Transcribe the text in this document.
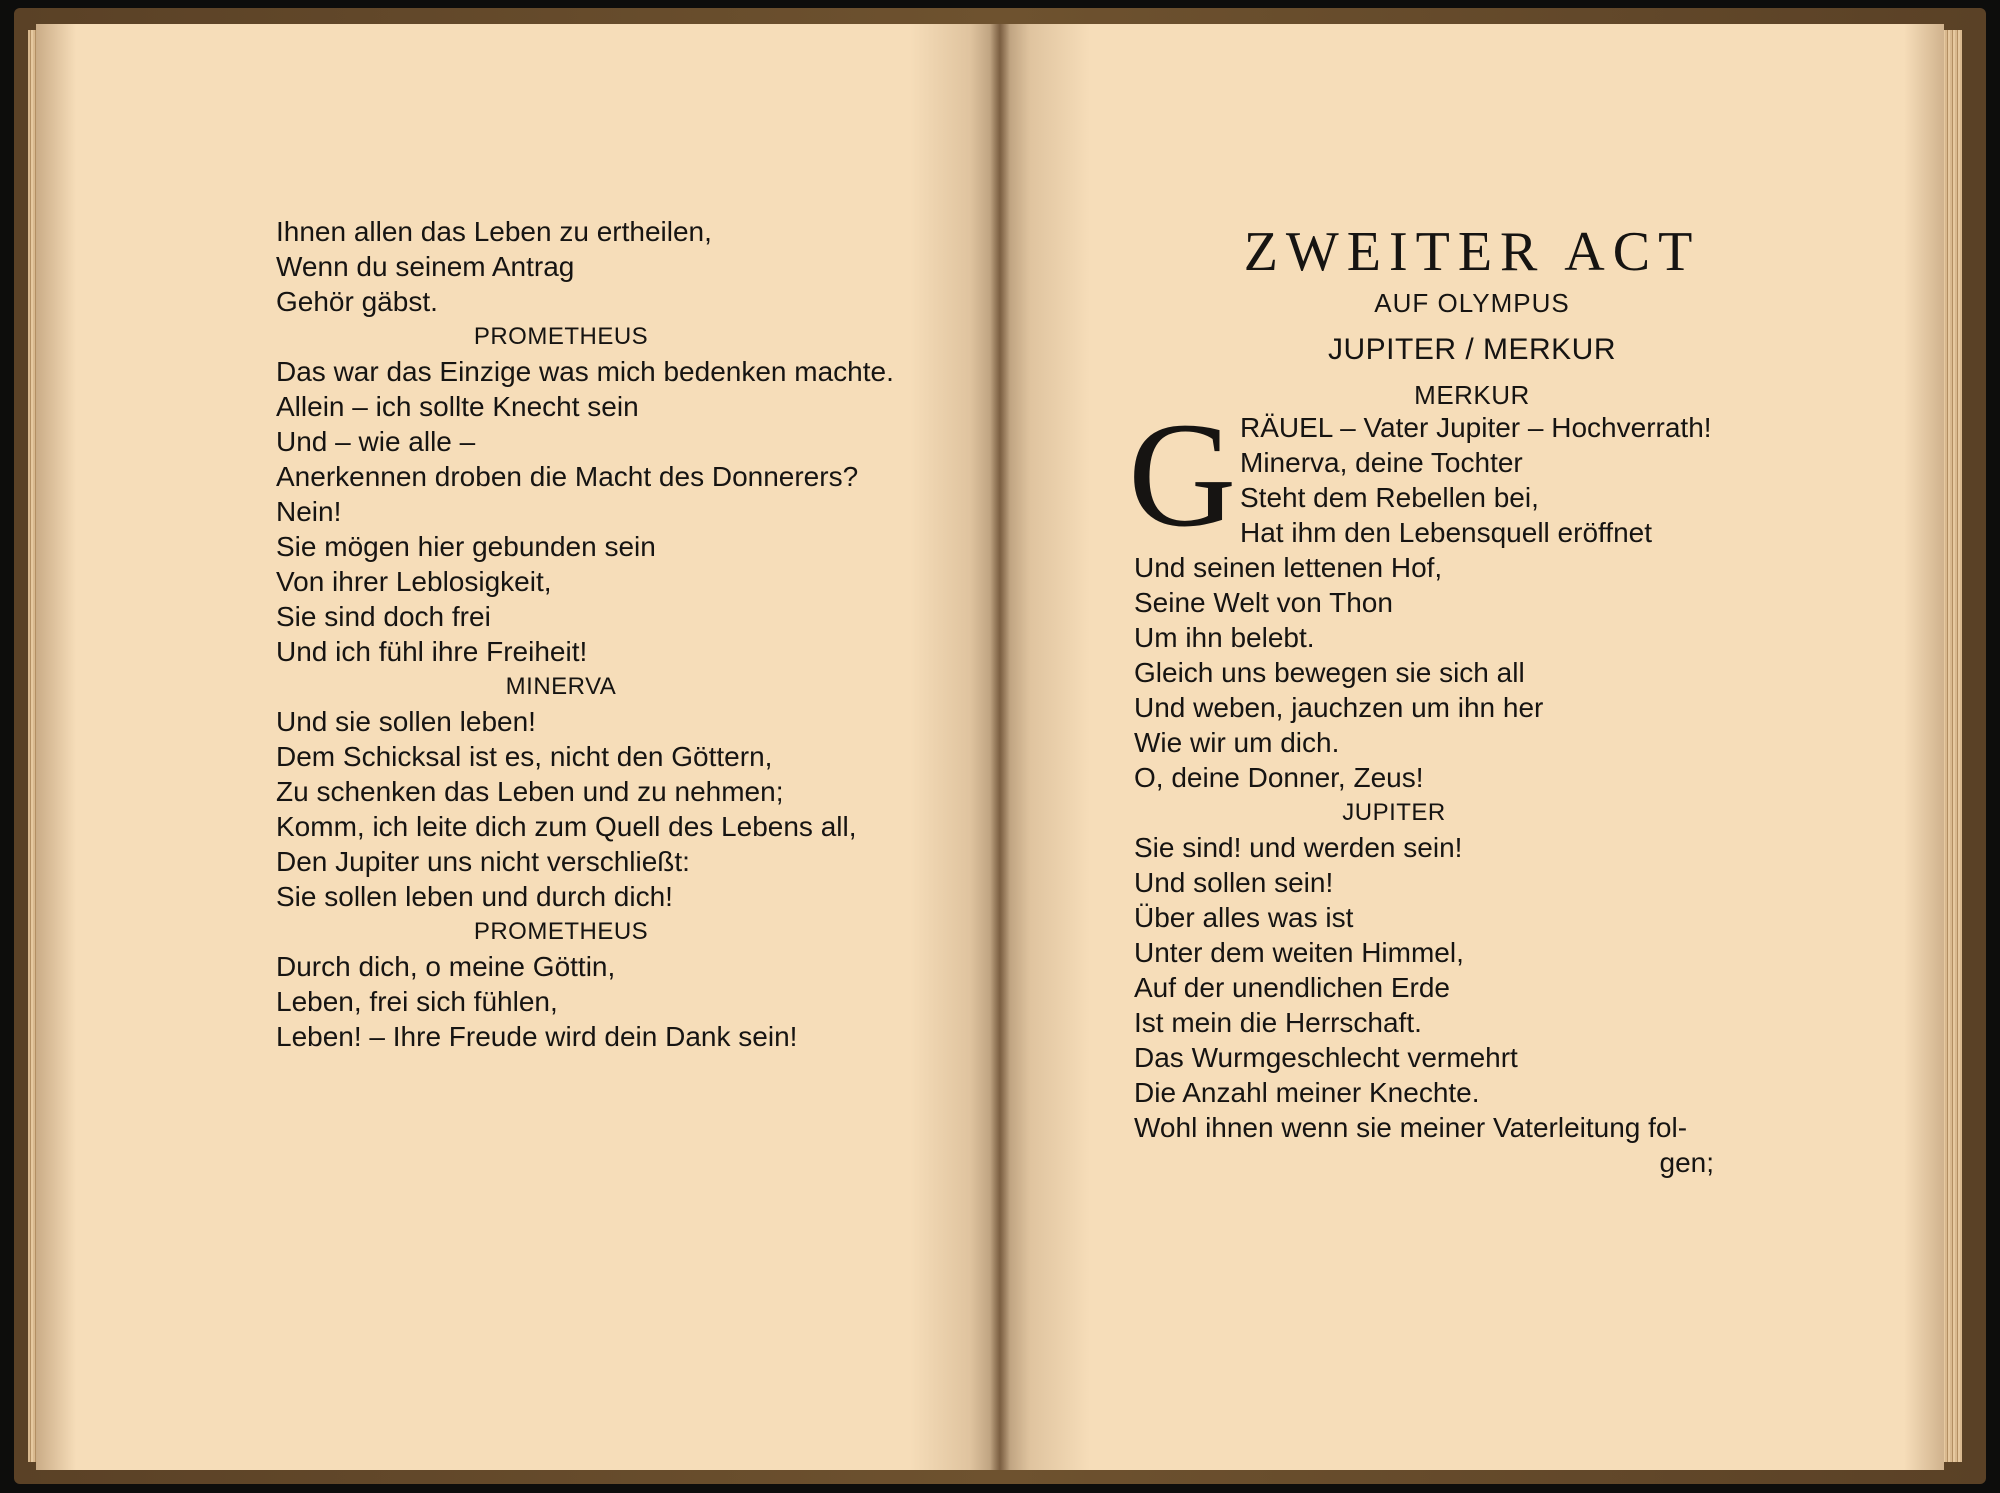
Ihnen allen das Leben zu ertheilen,
Wenn du seinem Antrag
Gehör gäbst.
PROMETHEUS
Das war das Einzige was mich bedenken machte.
Allein – ich sollte Knecht sein
Und – wie alle –
Anerkennen droben die Macht des Donnerers?
Nein!
Sie mögen hier gebunden sein
Von ihrer Leblosigkeit,
Sie sind doch frei
Und ich fühl ihre Freiheit!
MINERVA
Und sie sollen leben!
Dem Schicksal ist es, nicht den Göttern,
Zu schenken das Leben und zu nehmen;
Komm, ich leite dich zum Quell des Lebens all,
Den Jupiter uns nicht verschließt:
Sie sollen leben und durch dich!
PROMETHEUS
Durch dich, o meine Göttin,
Leben, frei sich fühlen,
Leben! – Ihre Freude wird dein Dank sein!
ZWEITER ACT
AUF OLYMPUS
JUPITER / MERKUR
MERKUR
G RÄUEL – Vater Jupiter – Hochverrath!
Minerva, deine Tochter
Steht dem Rebellen bei,
Hat ihm den Lebensquell eröffnet
Und seinen lettenen Hof,
Seine Welt von Thon
Um ihn belebt.
Gleich uns bewegen sie sich all
Und weben, jauchzen um ihn her
Wie wir um dich.
O, deine Donner, Zeus!
JUPITER
Sie sind! und werden sein!
Und sollen sein!
Über alles was ist
Unter dem weiten Himmel,
Auf der unendlichen Erde
Ist mein die Herrschaft.
Das Wurmgeschlecht vermehrt
Die Anzahl meiner Knechte.
Wohl ihnen wenn sie meiner Vaterleitung fol-
gen;
